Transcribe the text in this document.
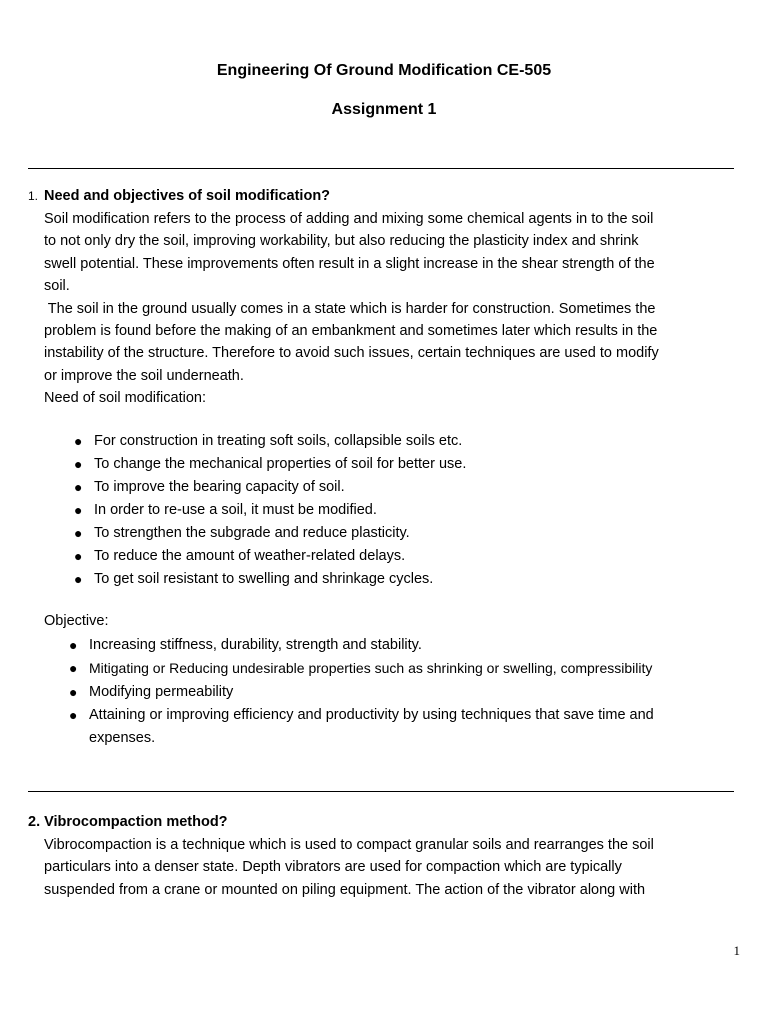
Engineering Of Ground Modification CE-505
Assignment 1
1. Need and objectives of soil modification?

Soil modification refers to the process of adding and mixing some chemical agents in to the soil
to not only dry the soil, improving workability, but also reducing the plasticity index and shrink
swell potential. These improvements often result in a slight increase in the shear strength of the
soil.
The soil in the ground usually comes in a state which is harder for construction. Sometimes the
problem is found before the making of an embankment and sometimes later which results in the
instability of the structure. Therefore to avoid such issues, certain techniques are used to modify
or improve the soil underneath.
Need of soil modification:

● For construction in treating soft soils, collapsible soils etc.
● To change the mechanical properties of soil for better use.
● To improve the bearing capacity of soil.
● In order to re-use a soil, it must be modified.
● To strengthen the subgrade and reduce plasticity.
● To reduce the amount of weather-related delays.
● To get soil resistant to swelling and shrinkage cycles.
Objective:
● Increasing stiffness, durability, strength and stability.
● Mitigating or Reducing undesirable properties such as shrinking or swelling, compressibility
● Modifying permeability
● Attaining or improving efficiency and productivity by using techniques that save time and
expenses.
2. Vibrocompaction method?

Vibrocompaction is a technique which is used to compact granular soils and rearranges the soil
particulars into a denser state. Depth vibrators are used for compaction which are typically
suspended from a crane or mounted on piling equipment. The action of the vibrator along with

1
